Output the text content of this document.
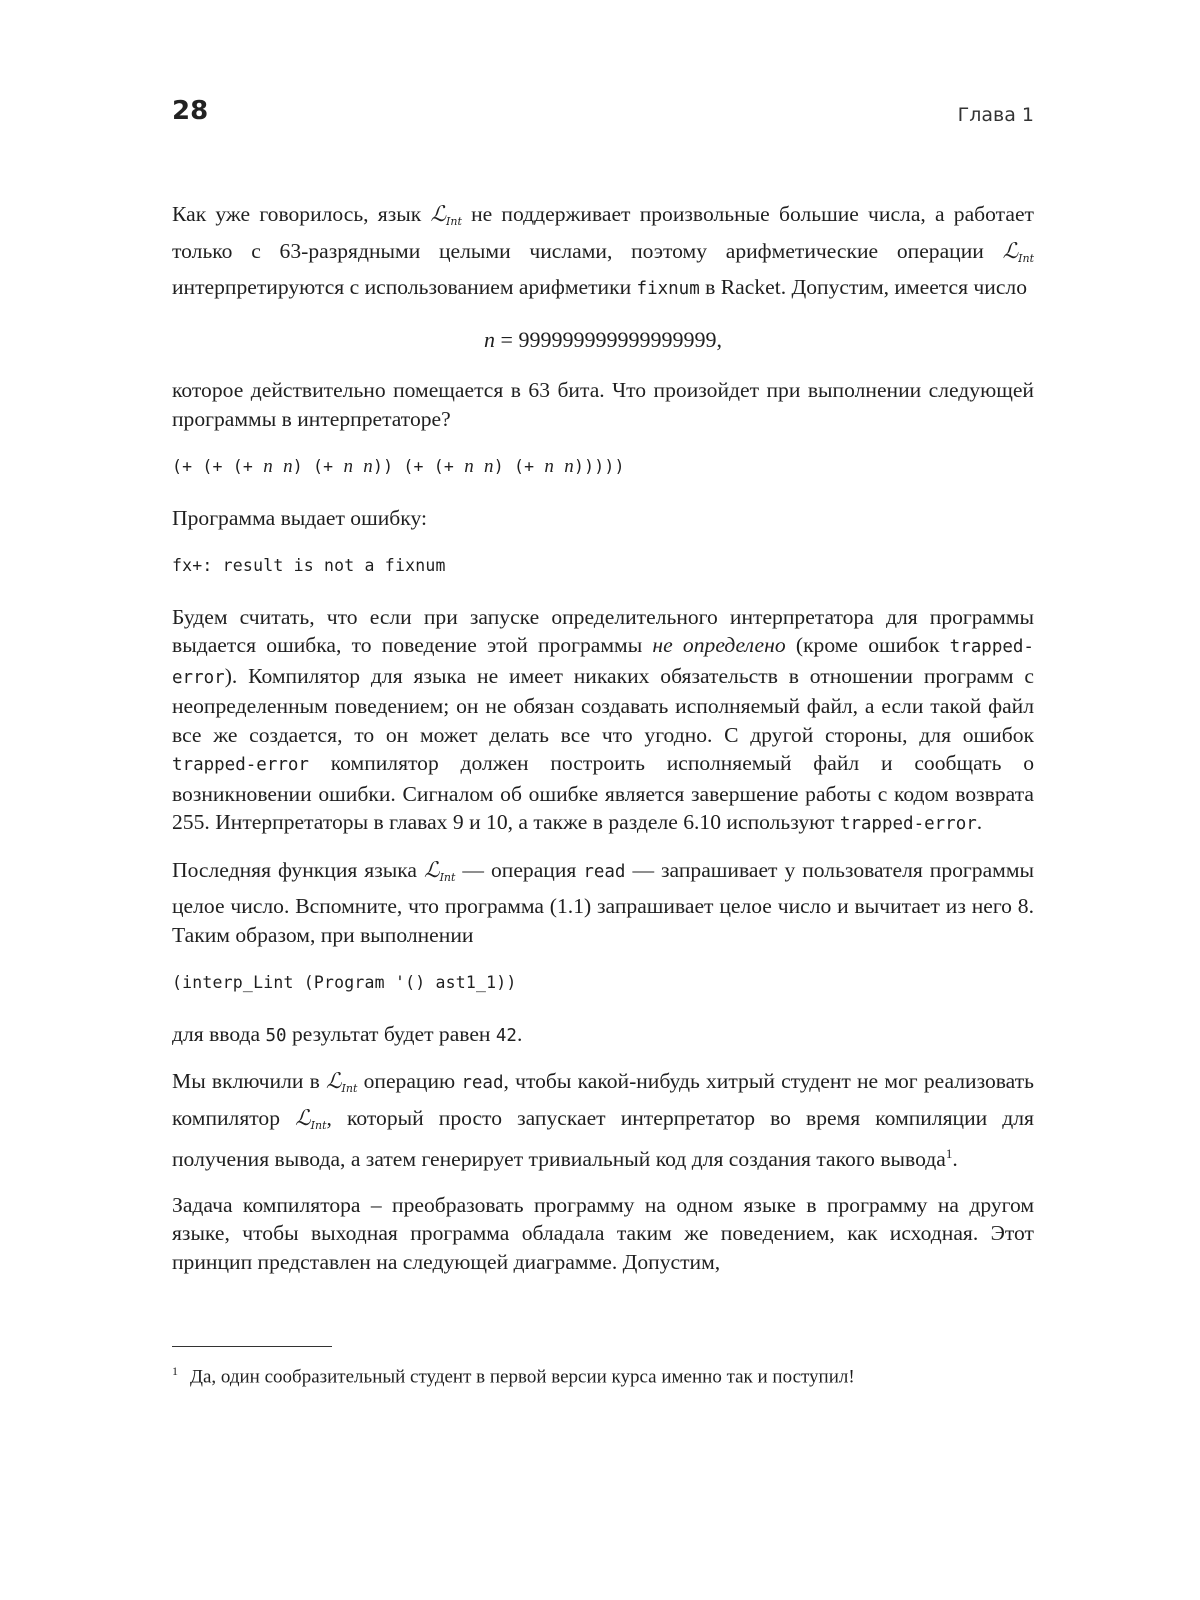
28	Глава 1

Как уже говорилось, язык ℒ$_{Int}$ не поддерживает произвольные большие числа, а работает только с 63-разрядными целыми числами, поэтому арифметические операции ℒ$_{Int}$ интерпретируются с использованием арифметики fixnum в Racket. Допустим, имеется число

n = 999999999999999999,

которое действительно помещается в 63 бита. Что произойдет при выполнении следующей программы в интерпретаторе?

(+ (+ (+ n n) (+ n n)) (+ (+ n n) (+ n n)))))

Программа выдает ошибку:

fx+: result is not a fixnum

Будем считать, что если при запуске определительного интерпретатора для программы выдается ошибка, то поведение этой программы не определено (кроме ошибок trapped-error). Компилятор для языка не имеет никаких обязательств в отношении программ с неопределенным поведением; он не обязан создавать исполняемый файл, а если такой файл все же создается, то он может делать все что угодно. С другой стороны, для ошибок trapped-error компилятор должен построить исполняемый файл и сообщать о возникновении ошибки. Сигналом об ошибке является завершение работы с кодом возврата 255. Интерпретаторы в главах 9 и 10, а также в разделе 6.10 используют trapped-error.

Последняя функция языка ℒ$_{Int}$ — операция read — запрашивает у пользователя программы целое число. Вспомните, что программа (1.1) запрашивает целое число и вычитает из него 8. Таким образом, при выполнении

(interp_Lint (Program '() ast1_1))

для ввода 50 результат будет равен 42.

Мы включили в ℒ$_{Int}$ операцию read, чтобы какой-нибудь хитрый студент не мог реализовать компилятор ℒ$_{Int}$, который просто запускает интерпретатор во время компиляции для получения вывода, а затем генерирует тривиальный код для создания такого вывода$^1$.

Задача компилятора – преобразовать программу на одном языке в программу на другом языке, чтобы выходная программа обладала таким же поведением, как исходная. Этот принцип представлен на следующей диаграмме. Допустим,

$^1$ Да, один сообразительный студент в первой версии курса именно так и поступил!
